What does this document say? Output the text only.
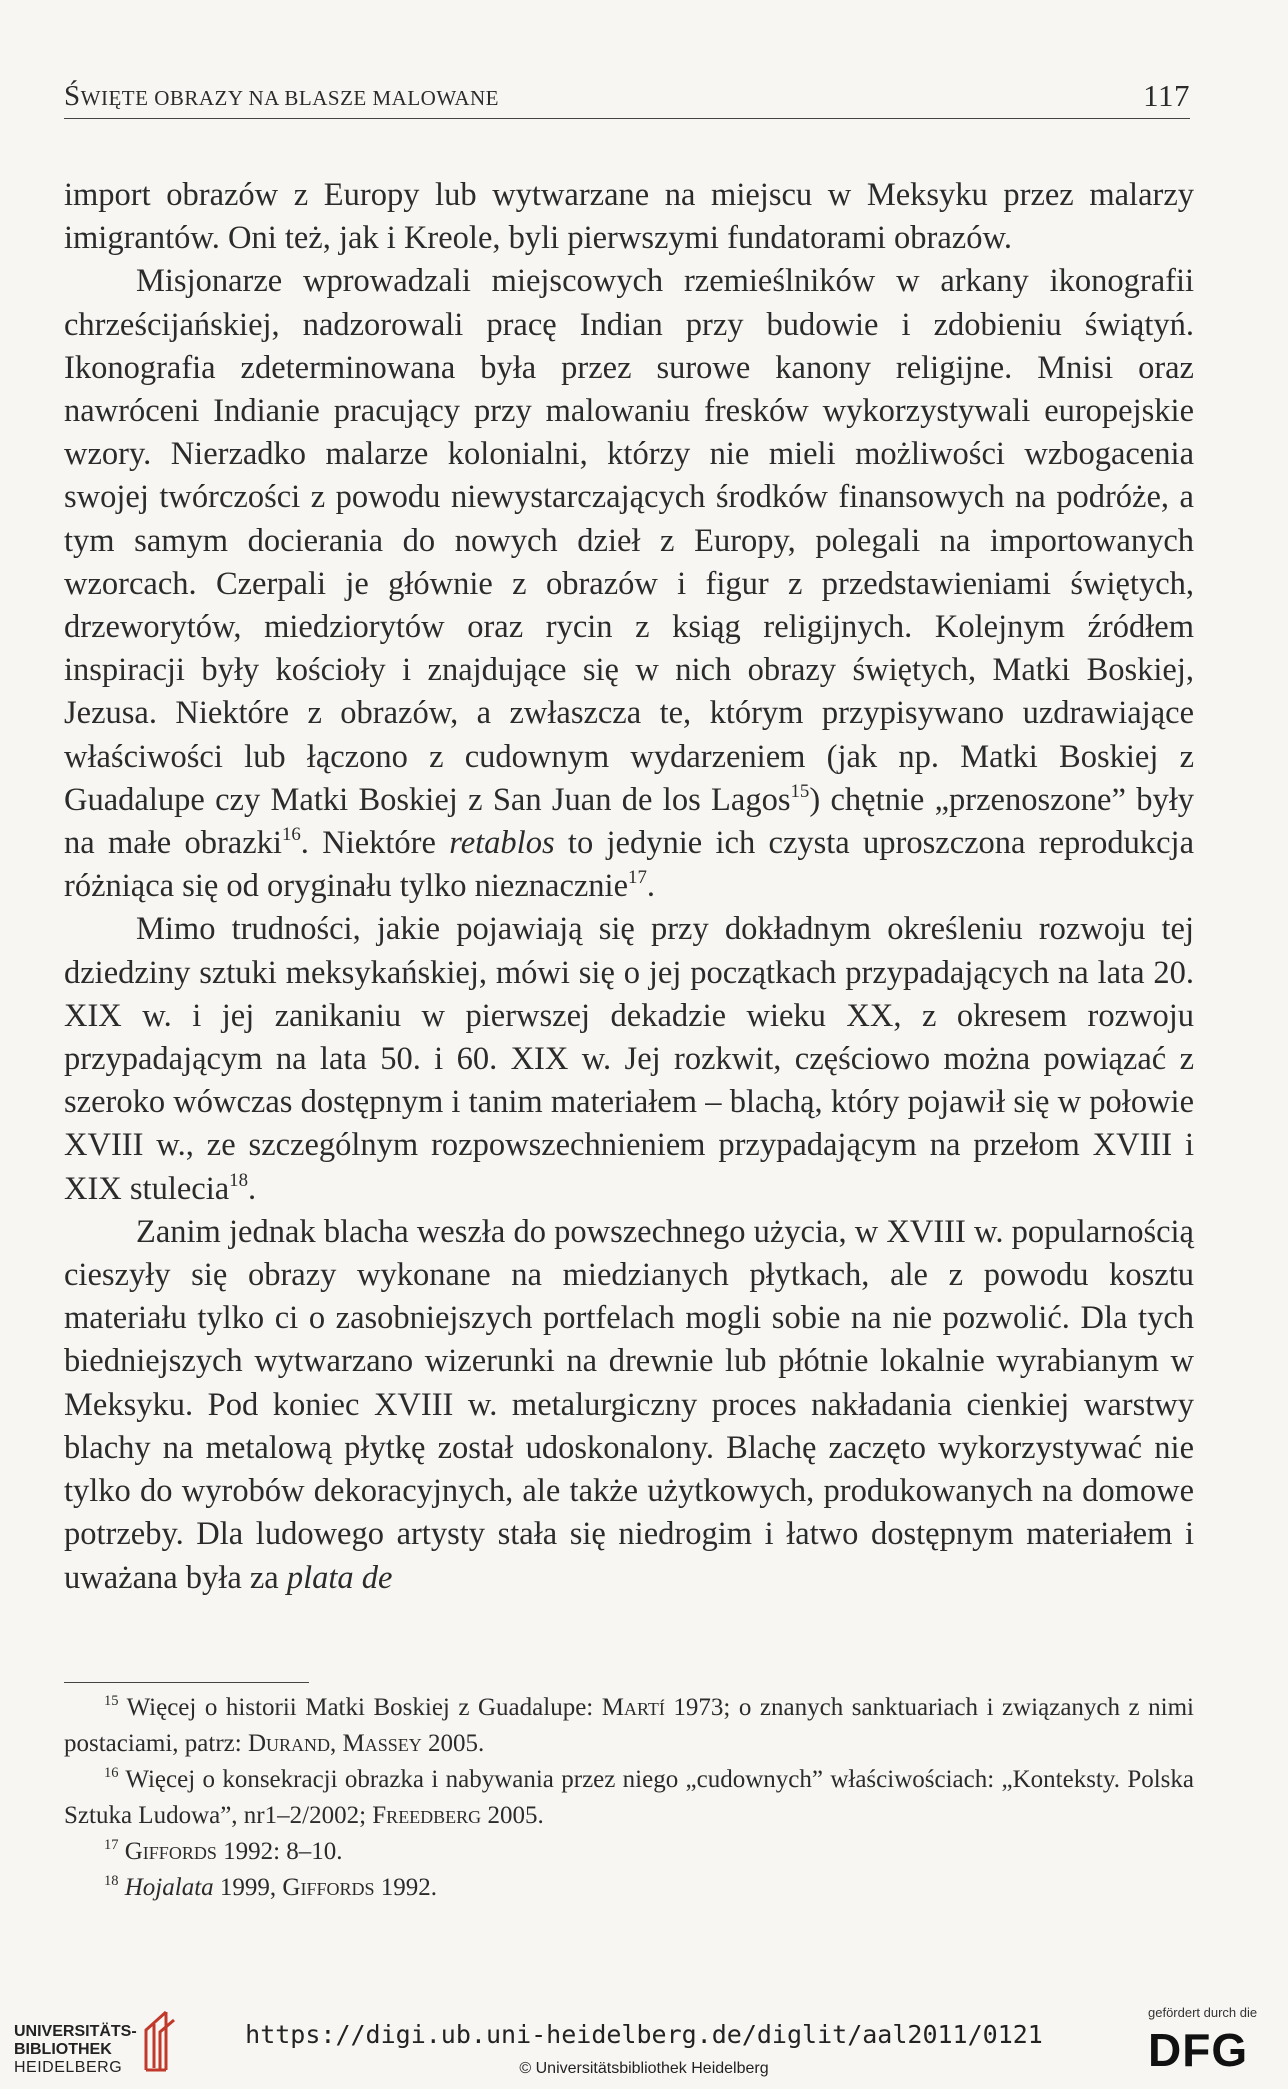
ŚWIĘTE OBRAZY NA BLASZE MALOWANE	117

import obrazów z Europy lub wytwarzane na miejscu w Meksyku przez malarzy imigrantów. Oni też, jak i Kreole, byli pierwszymi fundatorami obrazów.

Misjonarze wprowadzali miejscowych rzemieślników w arkany ikonografii chrześcijańskiej, nadzorowali pracę Indian przy budowie i zdobieniu świątyń. Ikonografia zdeterminowana była przez surowe kanony religijne. Mnisi oraz nawróceni Indianie pracujący przy malowaniu fresków wykorzystywali europejskie wzory. Nierzadko malarze kolonialni, którzy nie mieli możliwości wzbogacenia swojej twórczości z powodu niewystarczających środków finansowych na podróże, a tym samym docierania do nowych dzieł z Europy, polegali na importowanych wzorcach. Czerpali je głównie z obrazów i figur z przedstawieniami świętych, drzeworytów, miedziorytów oraz rycin z ksiąg religijnych. Kolejnym źródłem inspiracji były kościoły i znajdujące się w nich obrazy świętych, Matki Boskiej, Jezusa. Niektóre z obrazów, a zwłaszcza te, którym przypisywano uzdrawiające właściwości lub łączono z cudownym wydarzeniem (jak np. Matki Boskiej z Guadalupe czy Matki Boskiej z San Juan de los Lagos$^{15}$) chętnie „przenoszone” były na małe obrazki$^{16}$. Niektóre retablos to jedynie ich czysta uproszczona reprodukcja różniąca się od oryginału tylko nieznacznie$^{17}$.

Mimo trudności, jakie pojawiają się przy dokładnym określeniu rozwoju tej dziedziny sztuki meksykańskiej, mówi się o jej początkach przypadających na lata 20. XIX w. i jej zanikaniu w pierwszej dekadzie wieku XX, z okresem rozwoju przypadającym na lata 50. i 60. XIX w. Jej rozkwit, częściowo można powiązać z szeroko wówczas dostępnym i tanim materiałem – blachą, który pojawił się w połowie XVIII w., ze szczególnym rozpowszechnieniem przypadającym na przełom XVIII i XIX stulecia$^{18}$.

Zanim jednak blacha weszła do powszechnego użycia, w XVIII w. popularnością cieszyły się obrazy wykonane na miedzianych płytkach, ale z powodu kosztu materiału tylko ci o zasobniejszych portfelach mogli sobie na nie pozwolić. Dla tych biedniejszych wytwarzano wizerunki na drewnie lub płótnie lokalnie wyrabianym w Meksyku. Pod koniec XVIII w. metalurgiczny proces nakładania cienkiej warstwy blachy na metalową płytkę został udoskonalony. Blachę zaczęto wykorzystywać nie tylko do wyrobów dekoracyjnych, ale także użytkowych, produkowanych na domowe potrzeby. Dla ludowego artysty stała się niedrogim i łatwo dostępnym materiałem i uważana była za plata de

$^{15}$ Więcej o historii Matki Boskiej z Guadalupe: Martí 1973; o znanych sanktuariach i związanych z nimi postaciami, patrz: Durand, Massey 2005.

$^{16}$ Więcej o konsekracji obrazka i nabywania przez niego „cudownych” właściwościach: „Konteksty. Polska Sztuka Ludowa”, nr1–2/2002; Freedberg 2005.

$^{17}$ Giffords 1992: 8–10.

$^{18}$ Hojalata 1999, Giffords 1992.

UNIVERSITÄTS-
BIBLIOTHEK
HEIDELBERG
https://digi.ub.uni-heidelberg.de/diglit/aal2011/0121
© Universitätsbibliothek Heidelberg
gefördert durch die
DFG
